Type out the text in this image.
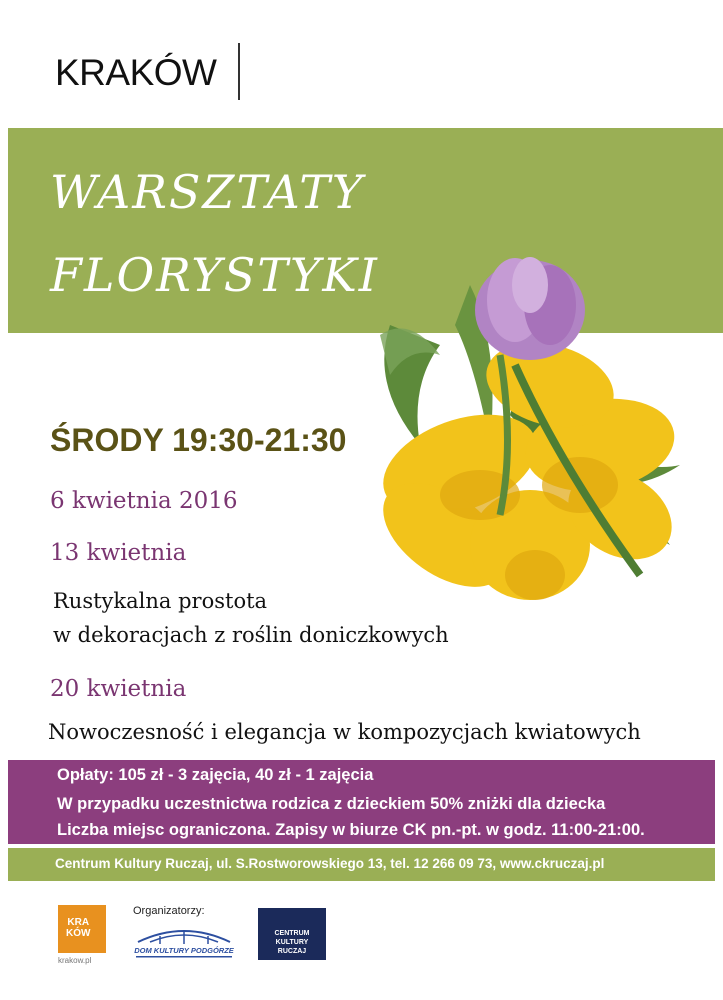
KRAKÓW
WARSZTATY
FLORYSTYKI
ŚRODY 19:30-21:30
6 kwietnia 2016
13 kwietnia
Rustykalna prostota
w dekoracjach z roślin doniczkowych
20 kwietnia
Nowoczesność i elegancja w kompozycjach kwiatowych
Opłaty: 105 zł - 3 zajęcia, 40 zł - 1 zajęcia
W przypadku uczestnictwa rodzica z dzieckiem 50% zniżki dla dziecka
Liczba miejsc ograniczona. Zapisy w biurze CK pn.-pt. w godz. 11:00-21:00.
Centrum Kultury Ruczaj, ul. S.Rostworowskiego 13, tel. 12 266 09 73, www.ckruczaj.pl
KRA
KÓW
krakow.pl
Organizatorzy:
DOM KULTURY PODGÓRZE
CENTRUM
KULTURY
RUCZAJ
